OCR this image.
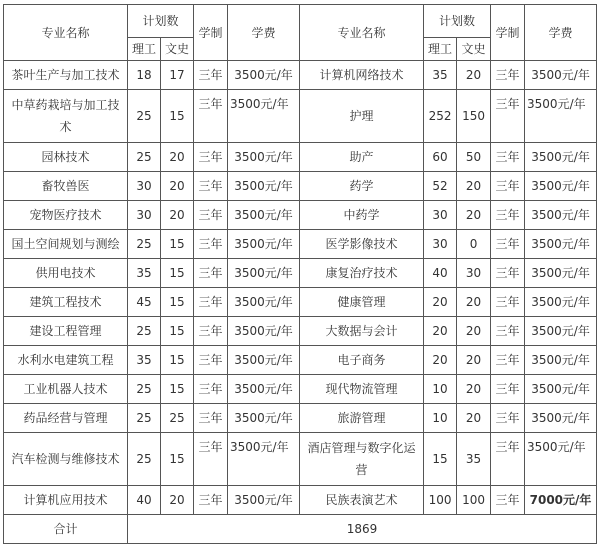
专业名称	计划数		学制	学费	专业名称	计划数		学制	学费
	理工	文史				理工	文史		
茶叶生产与加工技术	18	17	三年	3500元/年	计算机网络技术	35	20	三年	3500元/年
中草药栽培与加工技术	25	15	三年	3500元/年	护理	252	150	三年	3500元/年
园林技术	25	20	三年	3500元/年	助产	60	50	三年	3500元/年
畜牧兽医	30	20	三年	3500元/年	药学	52	20	三年	3500元/年
宠物医疗技术	30	20	三年	3500元/年	中药学	30	20	三年	3500元/年
国土空间规划与测绘	25	15	三年	3500元/年	医学影像技术	30	0	三年	3500元/年
供用电技术	35	15	三年	3500元/年	康复治疗技术	40	30	三年	3500元/年
建筑工程技术	45	15	三年	3500元/年	健康管理	20	20	三年	3500元/年
建设工程管理	25	15	三年	3500元/年	大数据与会计	20	20	三年	3500元/年
水利水电建筑工程	35	15	三年	3500元/年	电子商务	20	20	三年	3500元/年
工业机器人技术	25	15	三年	3500元/年	现代物流管理	10	20	三年	3500元/年
药品经营与管理	25	25	三年	3500元/年	旅游管理	10	20	三年	3500元/年
汽车检测与维修技术	25	15	三年	3500元/年	酒店管理与数字化运营	15	35	三年	3500元/年
计算机应用技术	40	20	三年	3500元/年	民族表演艺术	100	100	三年	7000元/年
合计	1869								
